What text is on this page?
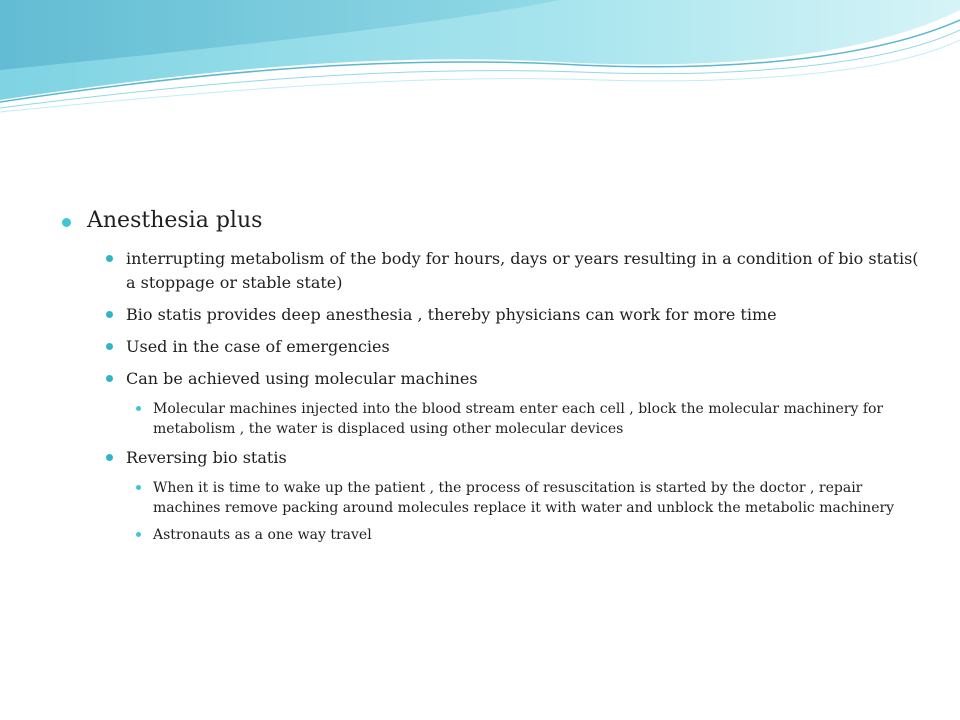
Anesthesia plus
interrupting metabolism of the body for hours, days or years resulting in a condition of bio statis( a stoppage or stable state)
Bio statis provides deep anesthesia , thereby physicians can work for more time
Used in the case of emergencies
Can be achieved using molecular machines
Molecular machines injected into the blood stream enter each cell , block the molecular machinery for metabolism , the water is displaced using other molecular devices
Reversing bio statis
When it is time to wake up the patient , the process of resuscitation is started by the doctor , repair machines remove packing around molecules replace it with water and unblock the metabolic machinery
Astronauts as a one way travel
